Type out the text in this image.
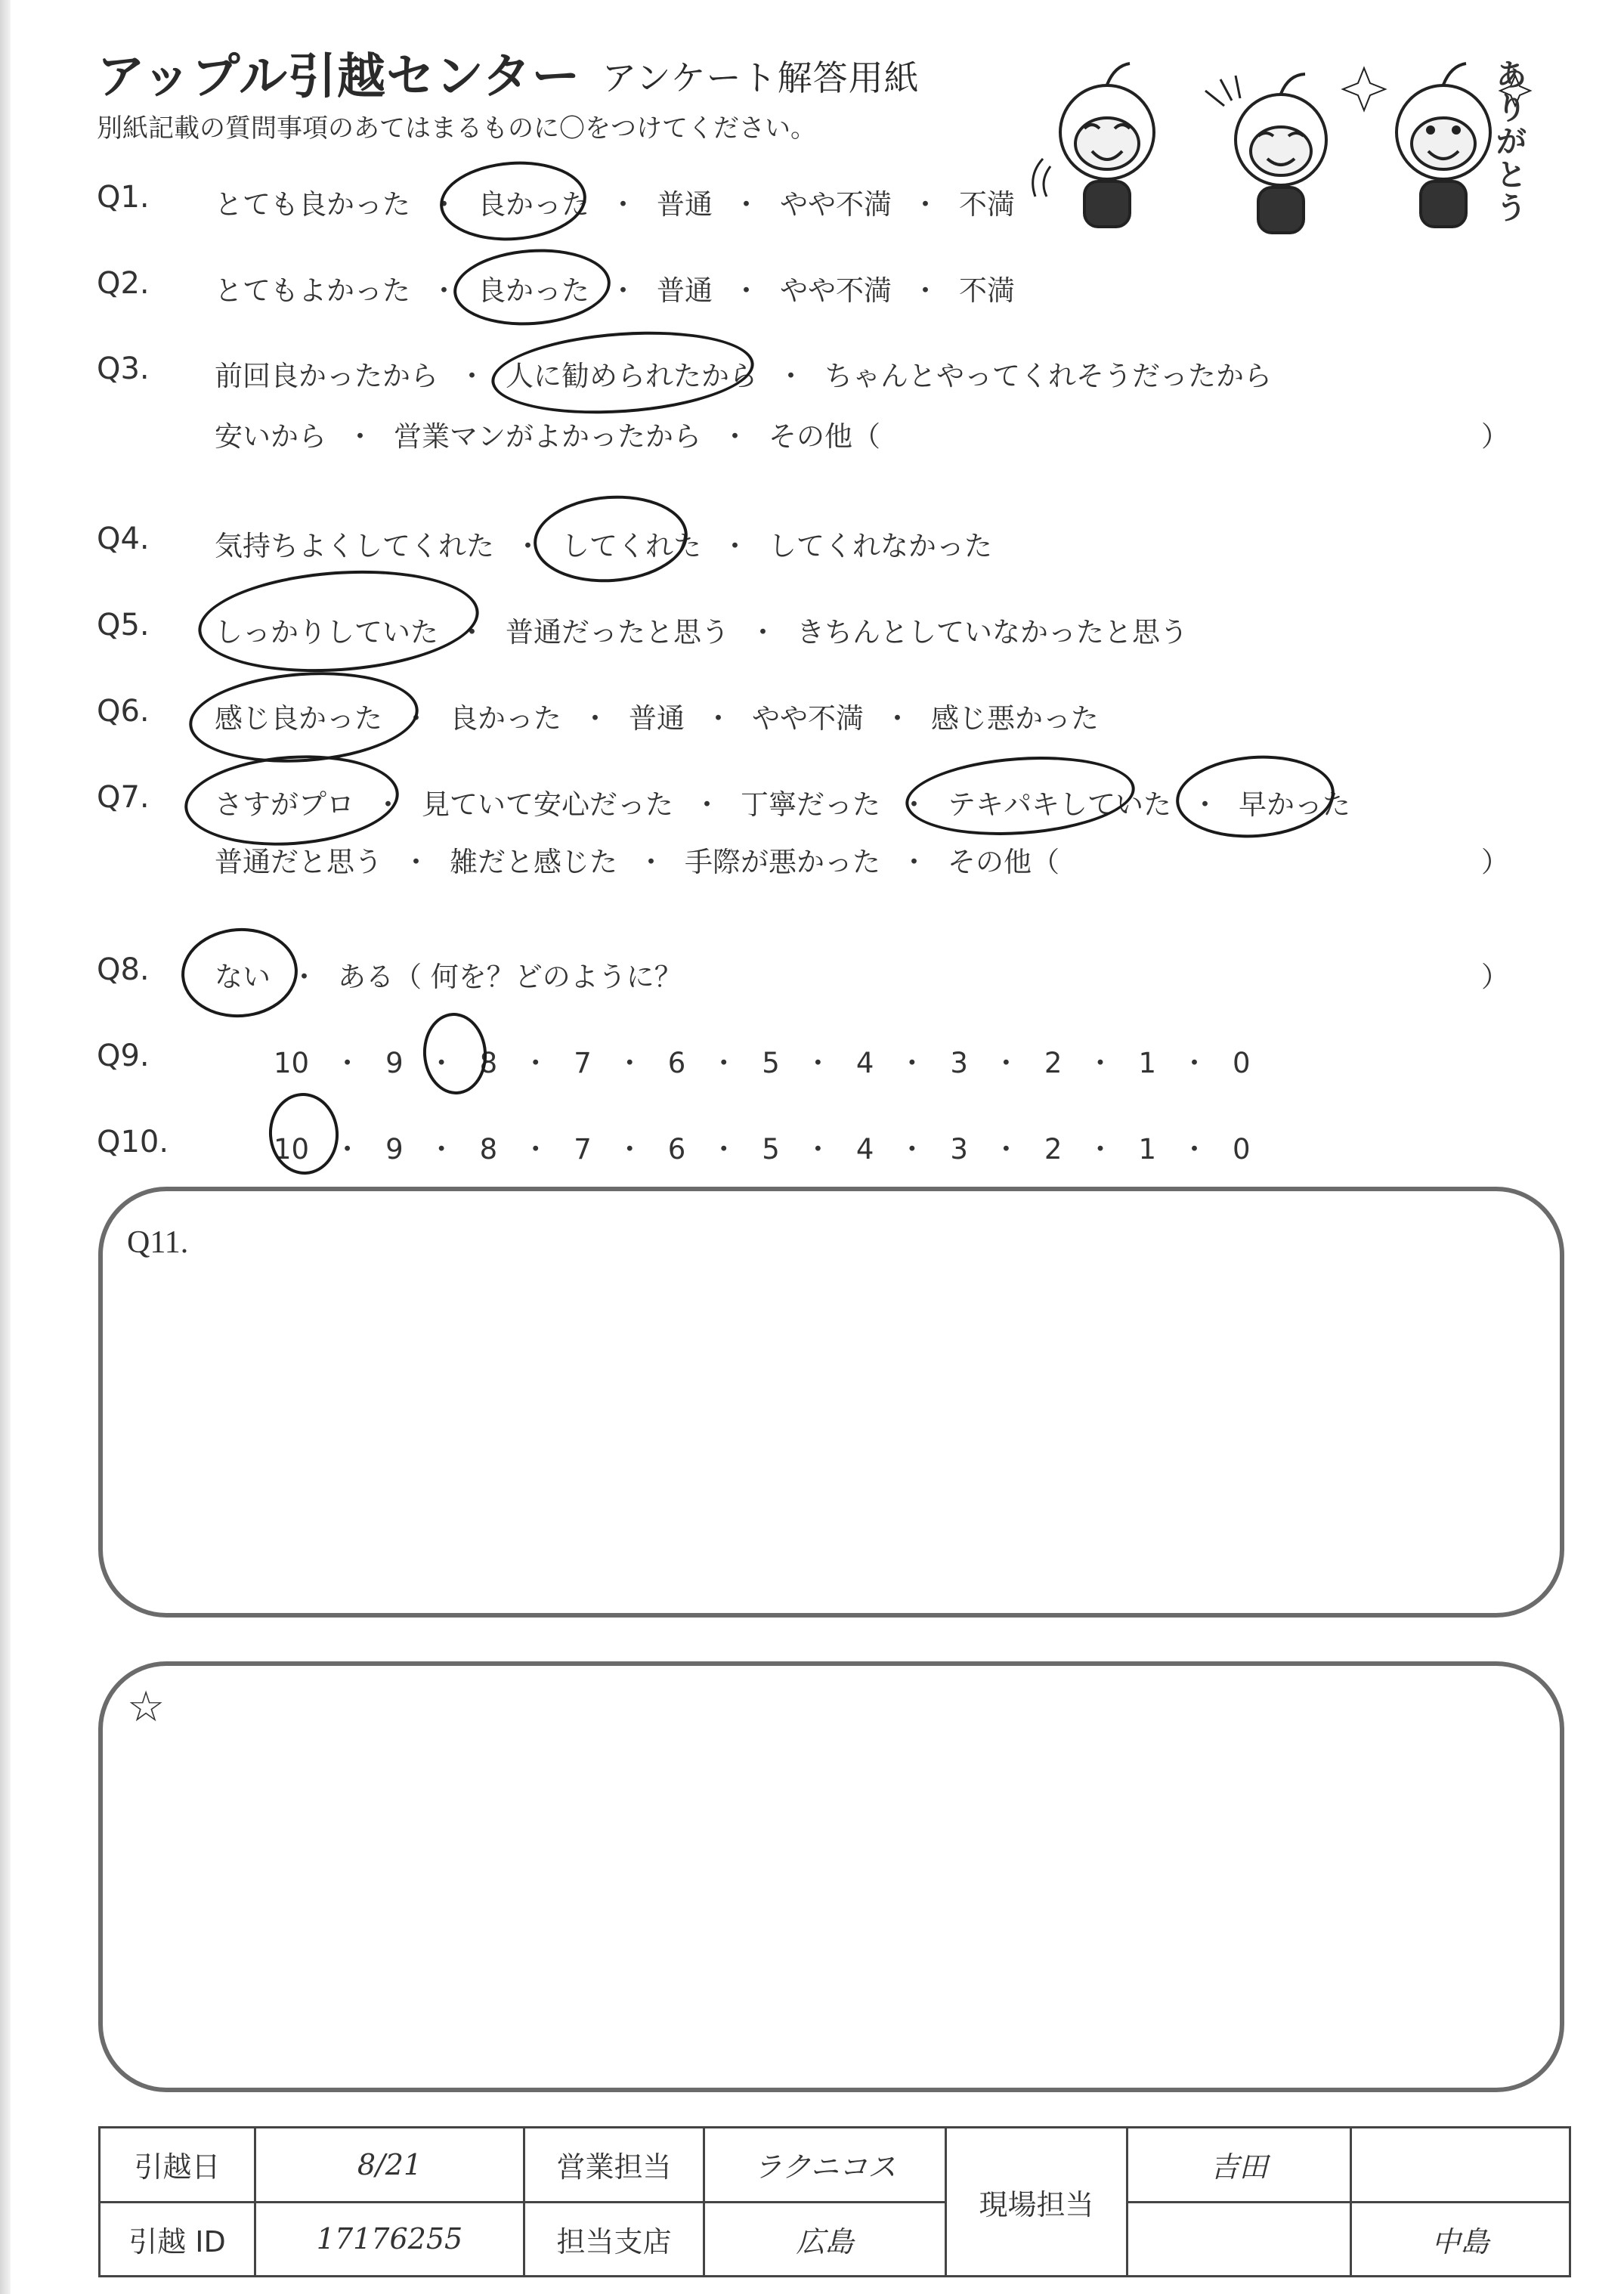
アップル引越センター アンケート解答用紙
別紙記載の質問事項のあてはまるものに〇をつけてください。
ありがとう
Q1. とても良かった ・ 良かった ・ 普通 ・ やや不満 ・ 不満
Q2. とてもよかった ・ 良かった ・ 普通 ・ やや不満 ・ 不満
Q3. 前回良かったから ・ 人に勧められたから ・ ちゃんとやってくれそうだったから
安いから ・ 営業マンがよかったから ・ その他（	）
Q4. 気持ちよくしてくれた ・ してくれた ・ してくれなかった
Q5. しっかりしていた ・ 普通だったと思う ・ きちんとしていなかったと思う
Q6. 感じ良かった ・ 良かった ・ 普通 ・ やや不満 ・ 感じ悪かった
Q7. さすがプロ ・ 見ていて安心だった ・ 丁寧だった ・ テキパキしていた ・ 早かった
普通だと思う ・ 雑だと感じた ・ 手際が悪かった ・ その他（	）
Q8. ない ・ ある（ 何を？どのように？	）
Q9.	10 ・ 9 ・ 8 ・ 7 ・ 6 ・ 5 ・ 4 ・ 3 ・ 2 ・ 1 ・ 0
Q10.	10 ・ 9 ・ 8 ・ 7 ・ 6 ・ 5 ・ 4 ・ 3 ・ 2 ・ 1 ・ 0
Q11.
☆
引越日	8/21	営業担当	ラクニコス	現場担当	吉田	
引越 ID	17176255	担当支店	広島			中島
